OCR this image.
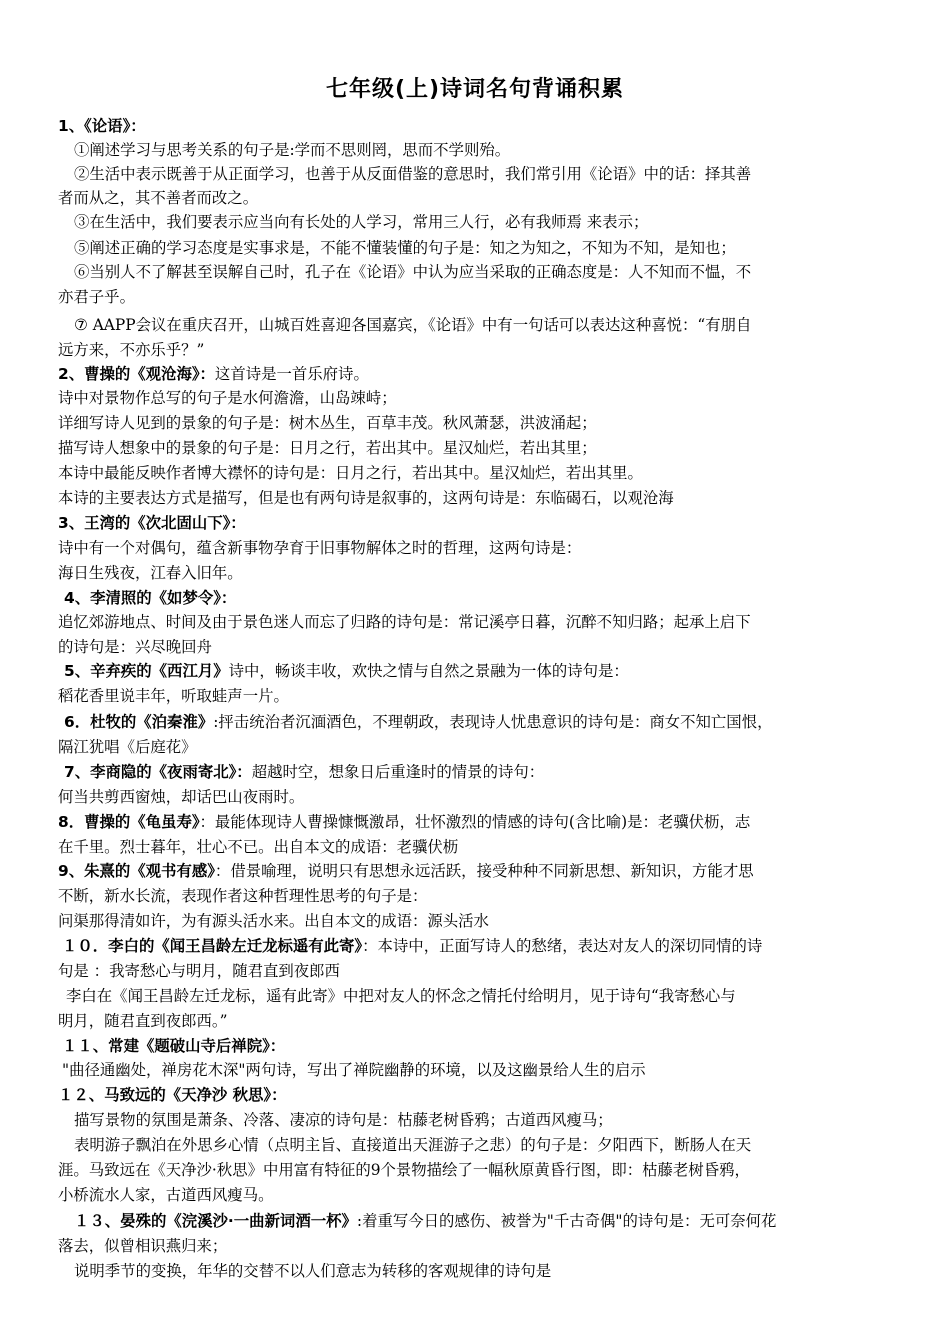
七年级(上)诗词名句背诵积累
1、《论语》：
①阐述学习与思考关系的句子是:学而不思则罔，思而不学则殆。
②生活中表示既善于从正面学习，也善于从反面借鉴的意思时，我们常引用《论语》中的话：择其善
者而从之，其不善者而改之。
③在生活中，我们要表示应当向有长处的人学习，常用三人行，必有我师焉 来表示；
⑤阐述正确的学习态度是实事求是，不能不懂装懂的句子是：知之为知之，不知为不知，是知也；
⑥当别人不了解甚至误解自己时，孔子在《论语》中认为应当采取的正确态度是：人不知而不愠，不
亦君子乎。
⑦ AAPP会议在重庆召开，山城百姓喜迎各国嘉宾，《论语》中有一句话可以表达这种喜悦：“有朋自
远方来，不亦乐乎？”
2、曹操的《观沧海》：这首诗是一首乐府诗。
诗中对景物作总写的句子是水何澹澹，山岛竦峙；
详细写诗人见到的景象的句子是：树木丛生，百草丰茂。秋风萧瑟，洪波涌起；
描写诗人想象中的景象的句子是：日月之行，若出其中。星汉灿烂，若出其里；
本诗中最能反映作者博大襟怀的诗句是：日月之行，若出其中。星汉灿烂，若出其里。
本诗的主要表达方式是描写，但是也有两句诗是叙事的，这两句诗是：东临碣石，以观沧海
3、王湾的《次北固山下》：
诗中有一个对偶句，蕴含新事物孕育于旧事物解体之时的哲理，这两句诗是：
海日生残夜，江春入旧年。
4、李清照的《如梦令》：
追忆郊游地点、时间及由于景色迷人而忘了归路的诗句是：常记溪亭日暮，沉醉不知归路；起承上启下
的诗句是：兴尽晚回舟
5、辛弃疾的《西江月》诗中，畅谈丰收，欢快之情与自然之景融为一体的诗句是：
稻花香里说丰年，听取蛙声一片。
6．杜牧的《泊秦淮》:抨击统治者沉湎酒色，不理朝政，表现诗人忧患意识的诗句是：商女不知亡国恨，
隔江犹唱《后庭花》
7、李商隐的《夜雨寄北》：超越时空，想象日后重逢时的情景的诗句：
何当共剪西窗烛，却话巴山夜雨时。
8．曹操的《龟虽寿》：最能体现诗人曹操慷慨激昂，壮怀激烈的情感的诗句(含比喻)是：老骥伏枥，志
在千里。烈士暮年，壮心不已。出自本文的成语：老骥伏枥
9、朱熹的《观书有感》：借景喻理，说明只有思想永远活跃，接受种种不同新思想、新知识，方能才思
不断，新水长流，表现作者这种哲理性思考的句子是：
问渠那得清如许，为有源头活水来。出自本文的成语：源头活水
１０．李白的《闻王昌龄左迁龙标遥有此寄》：本诗中，正面写诗人的愁绪，表达对友人的深切同情的诗
句是 ：我寄愁心与明月，随君直到夜郎西
李白在《闻王昌龄左迁龙标，遥有此寄》中把对友人的怀念之情托付给明月，见于诗句“我寄愁心与
明月，随君直到夜郎西。”
１１、常建《题破山寺后禅院》：
"曲径通幽处，禅房花木深"两句诗，写出了禅院幽静的环境，以及这幽景给人生的启示
１２、马致远的《天净沙 秋思》：
描写景物的氛围是萧条、冷落、凄凉的诗句是：枯藤老树昏鸦；古道西风瘦马；
表明游子飘泊在外思乡心情（点明主旨、直接道出天涯游子之悲）的句子是：夕阳西下，断肠人在天
涯。马致远在《天净沙·秋思》中用富有特征的9个景物描绘了一幅秋原黄昏行图，即：枯藤老树昏鸦，
小桥流水人家，古道西风瘦马。
１３、晏殊的《浣溪沙·一曲新词酒一杯》:着重写今日的感伤、被誉为"千古奇偶"的诗句是：无可奈何花
落去，似曾相识燕归来；
说明季节的变换，年华的交替不以人们意志为转移的客观规律的诗句是
